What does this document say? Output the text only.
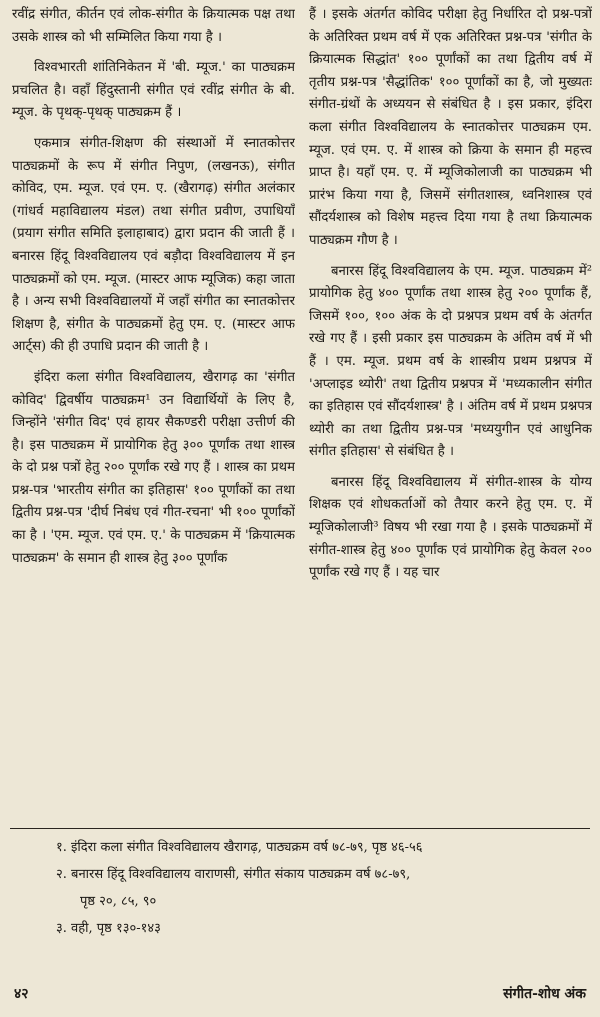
रवींद्र संगीत, कीर्तन एवं लोक-संगीत के क्रियात्मक पक्ष तथा उसके शास्त्र को भी सम्मिलित किया गया है ।

विश्वभारती शांतिनिकेतन में 'बी. म्यूज.' का पाठ्यक्रम प्रचलित है। वहाँ हिंदुस्तानी संगीत एवं रवींद्र संगीत के बी. म्यूज. के पृथक्-पृथक् पाठ्यक्रम हैं ।

एकमात्र संगीत-शिक्षण की संस्थाओं में स्नातकोत्तर पाठ्यक्रमों के रूप में संगीत निपुण, (लखनऊ), संगीत कोविद, एम. म्यूज. एवं एम. ए. (खैरागढ़) संगीत अलंकार (गांधर्व महाविद्यालय मंडल) तथा संगीत प्रवीण, उपाधियाँ (प्रयाग संगीत समिति इलाहाबाद) द्वारा प्रदान की जाती हैं । बनारस हिंदू विश्वविद्यालय एवं बड़ौदा विश्वविद्यालय में इन पाठ्यक्रमों को एम. म्यूज. (मास्टर आफ म्यूजिक) कहा जाता है । अन्य सभी विश्वविद्यालयों में जहाँ संगीत का स्नातकोत्तर शिक्षण है, संगीत के पाठ्यक्रमों हेतु एम. ए. (मास्टर आफ आर्ट्स) की ही उपाधि प्रदान की जाती है ।

इंदिरा कला संगीत विश्वविद्यालय, खैरागढ़ का 'संगीत कोविद' द्विवर्षीय पाठ्यक्रम¹ उन विद्यार्थियों के लिए है, जिन्होंने 'संगीत विद' एवं हायर सैकण्डरी परीक्षा उत्तीर्ण की है। इस पाठ्यक्रम में प्रायोगिक हेतु ३०० पूर्णांक तथा शास्त्र के दो प्रश्न पत्रों हेतु २०० पूर्णांक रखे गए हैं । शास्त्र का प्रथम प्रश्न-पत्र 'भारतीय संगीत का इतिहास' १०० पूर्णांकों का तथा द्वितीय प्रश्न-पत्र 'दीर्घ निबंध एवं गीत-रचना' भी १०० पूर्णांकों का है । 'एम. म्यूज. एवं एम. ए.' के पाठ्यक्रम में 'क्रियात्मक पाठ्यक्रम' के समान ही शास्त्र हेतु ३०० पूर्णांक

हैं । इसके अंतर्गत कोविद परीक्षा हेतु निर्धारित दो प्रश्न-पत्रों के अतिरिक्त प्रथम वर्ष में एक अतिरिक्त प्रश्न-पत्र 'संगीत के क्रियात्मक सिद्धांत' १०० पूर्णांकों का तथा द्वितीय वर्ष में तृतीय प्रश्न-पत्र 'सैद्धांतिक' १०० पूर्णांकों का है, जो मुख्यतः संगीत-ग्रंथों के अध्ययन से संबंधित है । इस प्रकार, इंदिरा कला संगीत विश्वविद्यालय के स्नातकोत्तर पाठ्यक्रम एम. म्यूज. एवं एम. ए. में शास्त्र को क्रिया के समान ही महत्त्व प्राप्त है। यहाँ एम. ए. में म्यूजिकोलाजी का पाठ्यक्रम भी प्रारंभ किया गया है, जिसमें संगीतशास्त्र, ध्वनिशास्त्र एवं सौंदर्यशास्त्र को विशेष महत्त्व दिया गया है तथा क्रियात्मक पाठ्यक्रम गौण है ।

बनारस हिंदू विश्वविद्यालय के एम. म्यूज. पाठ्यक्रम में² प्रायोगिक हेतु ४०० पूर्णांक तथा शास्त्र हेतु २०० पूर्णांक हैं, जिसमें १००, १०० अंक के दो प्रश्नपत्र प्रथम वर्ष के अंतर्गत रखे गए हैं । इसी प्रकार इस पाठ्यक्रम के अंतिम वर्ष में भी हैं । एम. म्यूज. प्रथम वर्ष के शास्त्रीय प्रथम प्रश्नपत्र में 'अप्लाइड थ्योरी' तथा द्वितीय प्रश्नपत्र में 'मध्यकालीन संगीत का इतिहास एवं सौंदर्यशास्त्र' है । अंतिम वर्ष में प्रथम प्रश्नपत्र थ्योरी का तथा द्वितीय प्रश्न-पत्र 'मध्ययुगीन एवं आधुनिक संगीत इतिहास' से संबंधित है ।

बनारस हिंदू विश्वविद्यालय में संगीत-शास्त्र के योग्य शिक्षक एवं शोधकर्ताओं को तैयार करने हेतु एम. ए. में म्यूजिकोलाजी³ विषय भी रखा गया है । इसके पाठ्यक्रमों में संगीत-शास्त्र हेतु ४०० पूर्णांक एवं प्रायोगिक हेतु केवल २०० पूर्णांक रखे गए हैं । यह चार

१. इंदिरा कला संगीत विश्वविद्यालय खैरागढ़, पाठ्यक्रम वर्ष ७८-७९, पृष्ठ ४६-५६

२. बनारस हिंदू विश्वविद्यालय वाराणसी, संगीत संकाय पाठ्यक्रम वर्ष ७८-७९,

पृष्ठ २०, ८५, ९०

३. वही, पृष्ठ १३०-१४३

४२	संगीत-शोध अंक
